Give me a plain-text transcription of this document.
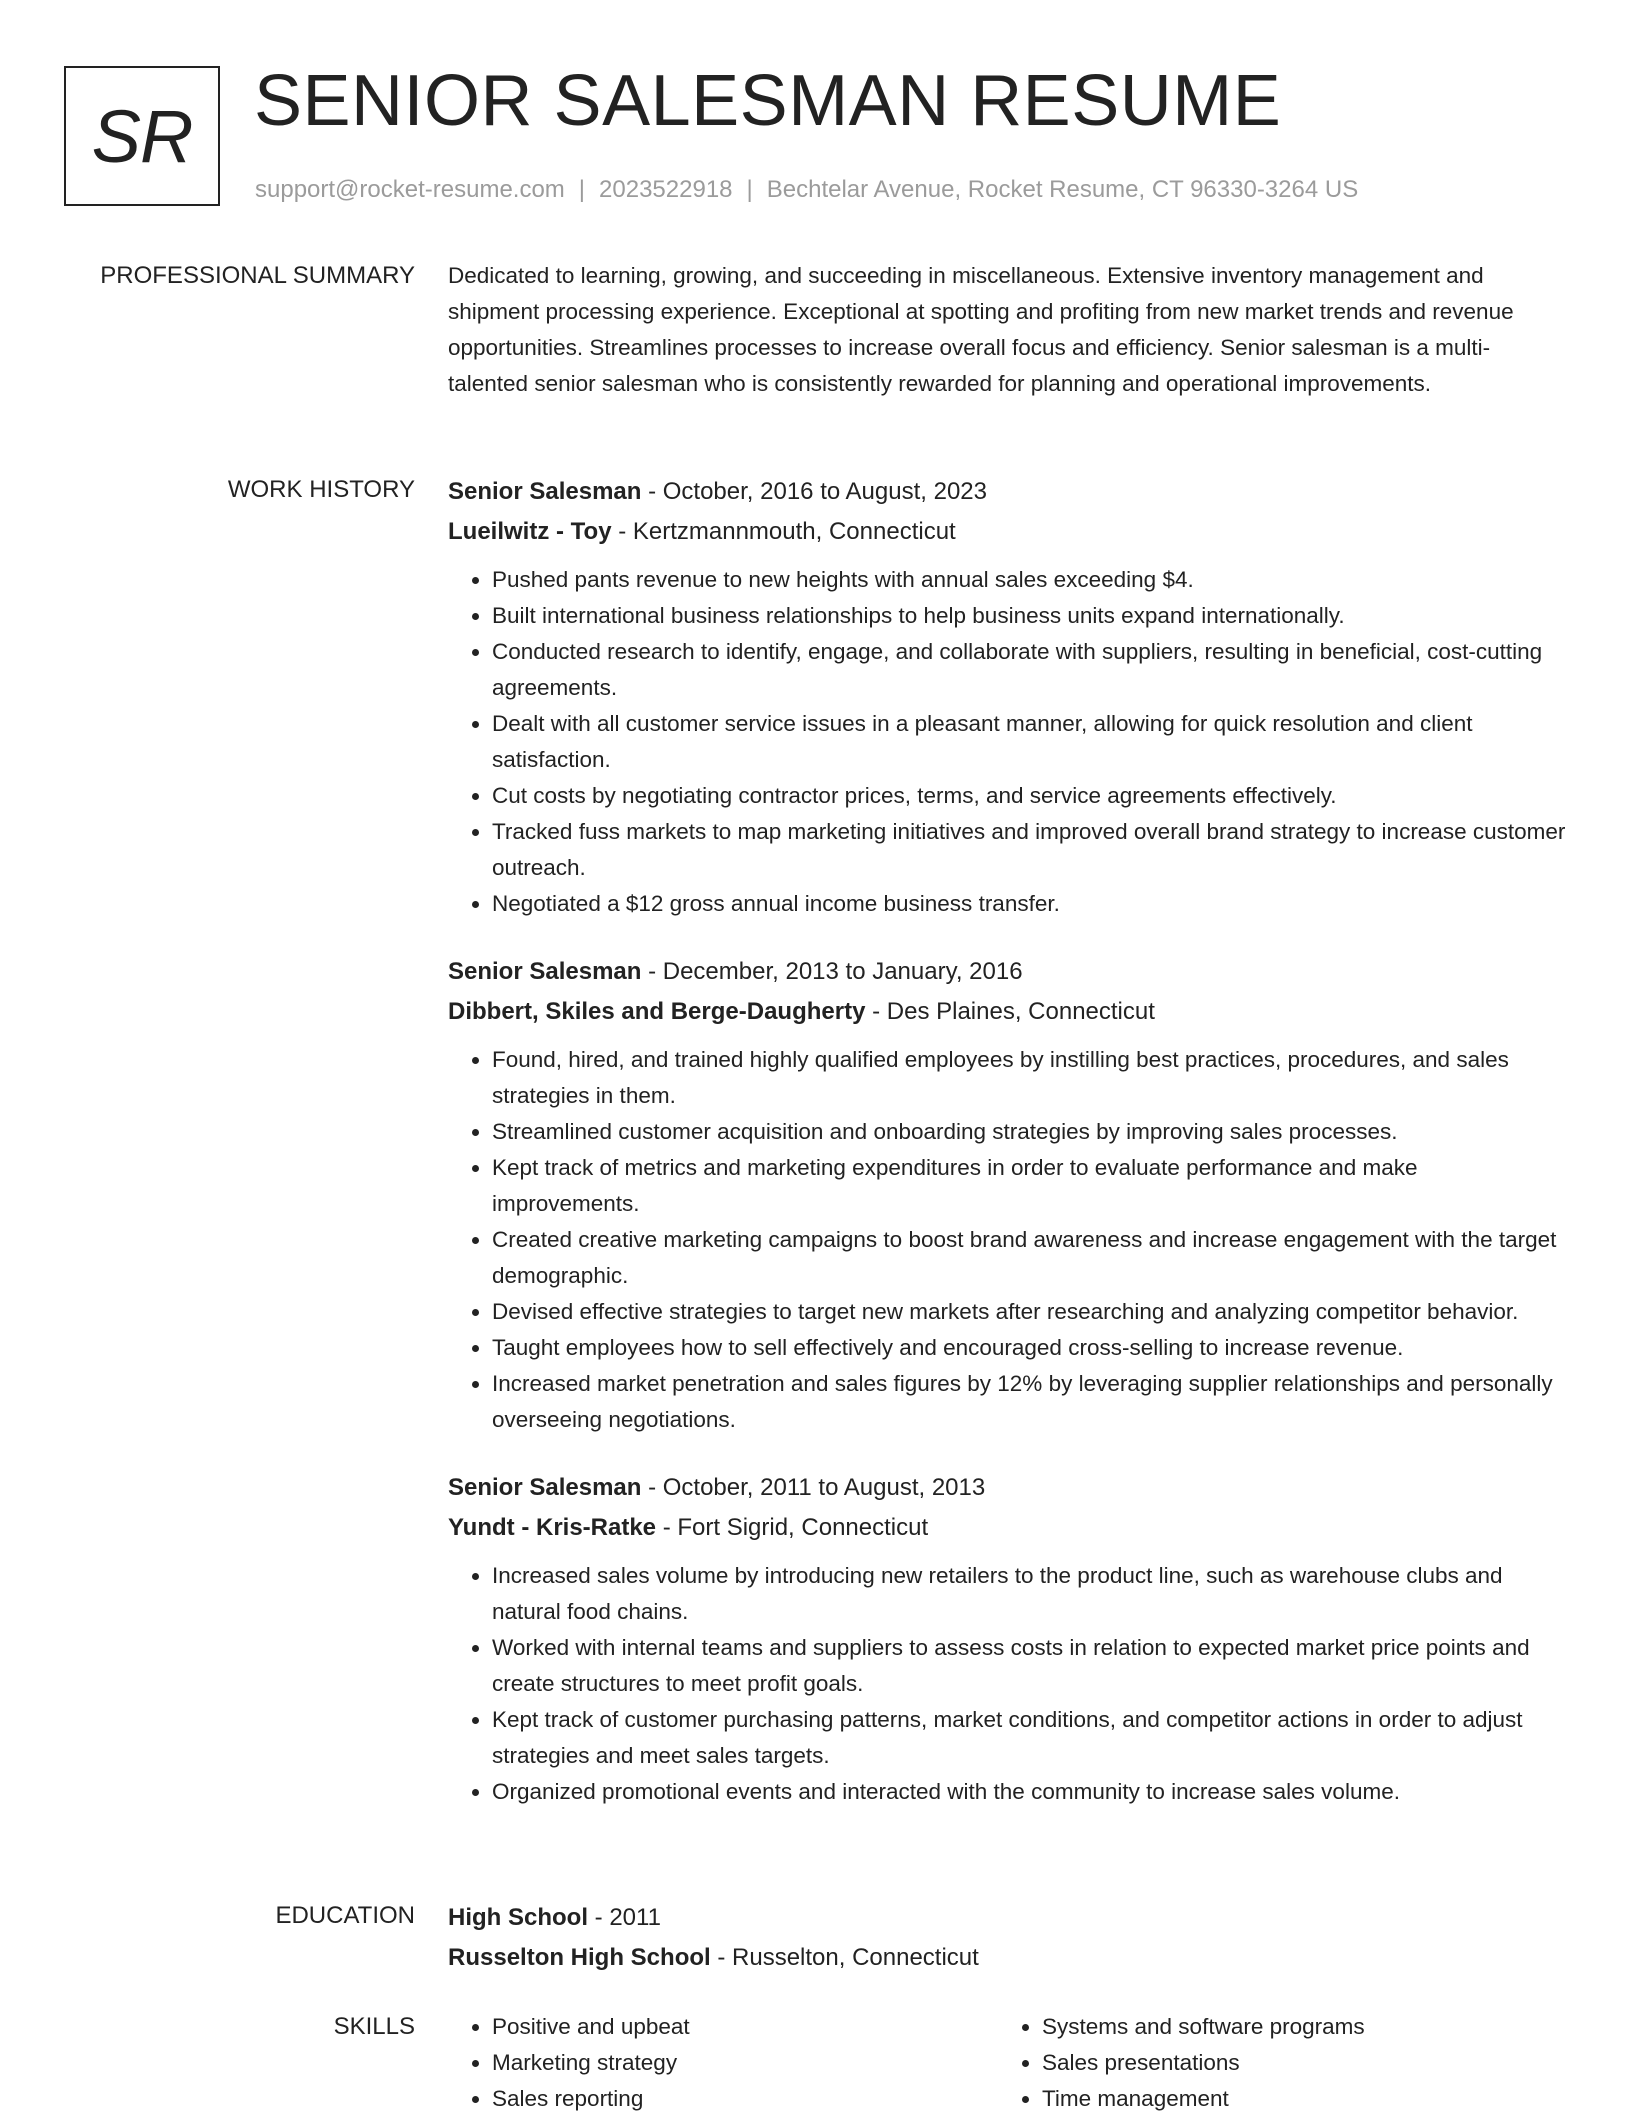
SR SENIOR SALESMAN RESUME
support@rocket-resume.com | 2023522918 | Bechtelar Avenue, Rocket Resume, CT 96330-3264 US
PROFESSIONAL SUMMARY Dedicated to learning, growing, and succeeding in miscellaneous. Extensive inventory management and shipment processing experience. Exceptional at spotting and profiting from new market trends and revenue opportunities. Streamlines processes to increase overall focus and efficiency. Senior salesman is a multi-talented senior salesman who is consistently rewarded for planning and operational improvements.

WORK HISTORY Senior Salesman - October, 2016 to August, 2023
Lueilwitz - Toy - Kertzmannmouth, Connecticut
• Pushed pants revenue to new heights with annual sales exceeding $4.
• Built international business relationships to help business units expand internationally.
• Conducted research to identify, engage, and collaborate with suppliers, resulting in beneficial, cost-cutting agreements.
• Dealt with all customer service issues in a pleasant manner, allowing for quick resolution and client satisfaction.
• Cut costs by negotiating contractor prices, terms, and service agreements effectively.
• Tracked fuss markets to map marketing initiatives and improved overall brand strategy to increase customer outreach.
• Negotiated a $12 gross annual income business transfer.
Senior Salesman - December, 2013 to January, 2016
Dibbert, Skiles and Berge-Daugherty - Des Plaines, Connecticut
• Found, hired, and trained highly qualified employees by instilling best practices, procedures, and sales strategies in them.
• Streamlined customer acquisition and onboarding strategies by improving sales processes.
• Kept track of metrics and marketing expenditures in order to evaluate performance and make improvements.
• Created creative marketing campaigns to boost brand awareness and increase engagement with the target demographic.
• Devised effective strategies to target new markets after researching and analyzing competitor behavior.
• Taught employees how to sell effectively and encouraged cross-selling to increase revenue.
• Increased market penetration and sales figures by 12% by leveraging supplier relationships and personally overseeing negotiations.
Senior Salesman - October, 2011 to August, 2013
Yundt - Kris-Ratke - Fort Sigrid, Connecticut
• Increased sales volume by introducing new retailers to the product line, such as warehouse clubs and natural food chains.
• Worked with internal teams and suppliers to assess costs in relation to expected market price points and create structures to meet profit goals.
• Kept track of customer purchasing patterns, market conditions, and competitor actions in order to adjust strategies and meet sales targets.
• Organized promotional events and interacted with the community to increase sales volume.
EDUCATION High School - 2011
Russelton High School - Russelton, Connecticut
SKILLS
•	Positive and upbeat
• Marketing strategy
• Sales reporting
• Systems and software programs
• Sales presentations
• Time management
